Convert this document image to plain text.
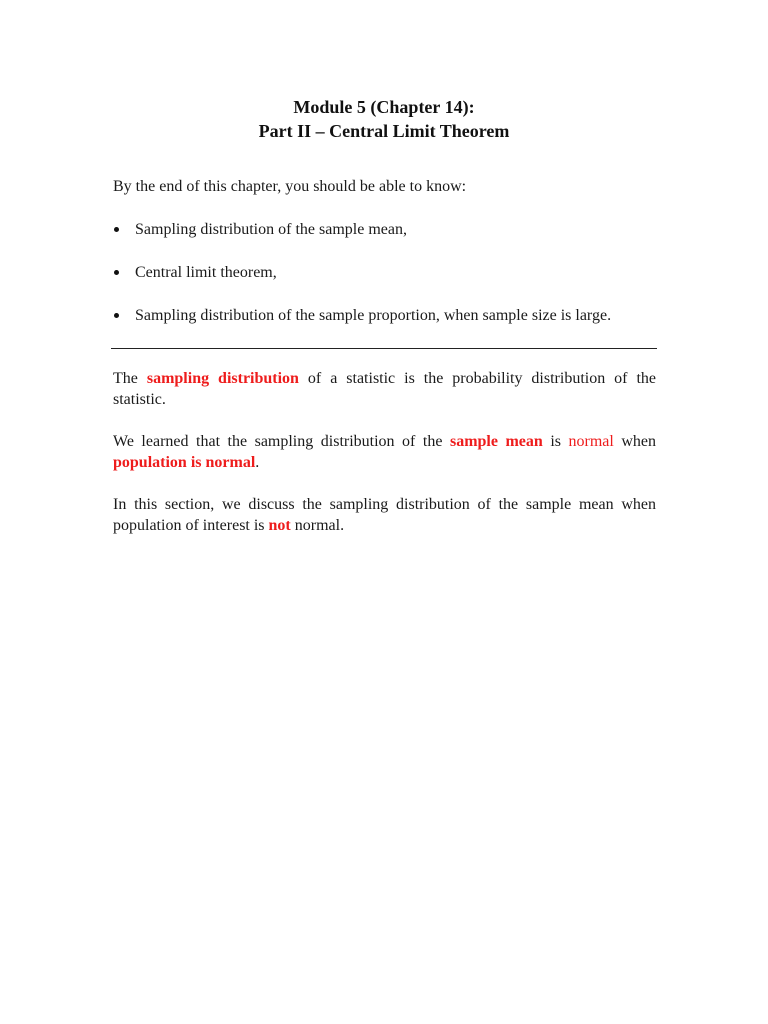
Module 5 (Chapter 14):
Part II – Central Limit Theorem
By the end of this chapter, you should be able to know:
Sampling distribution of the sample mean,
Central limit theorem,
Sampling distribution of the sample proportion, when sample size is large.

The sampling distribution of a statistic is the probability distribution of the statistic.

We learned that the sampling distribution of the sample mean is normal when population is normal.

In this section, we discuss the sampling distribution of the sample mean when population of interest is not normal.
